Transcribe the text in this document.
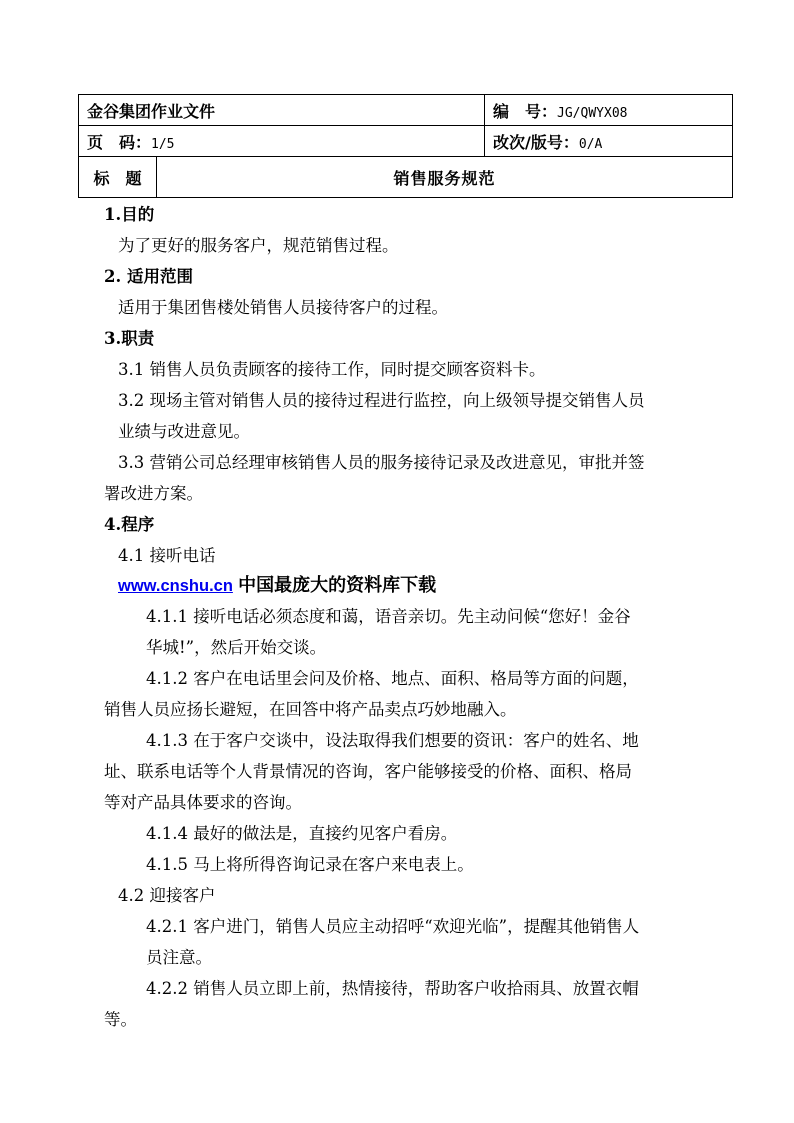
金谷集团作业文件		编　号：JG/QWYX08
页　码：1/5		改次/版号：0/A
标　题	销售服务规范	
1.目的
为了更好的服务客户，规范销售过程。
2. 适用范围
适用于集团售楼处销售人员接待客户的过程。
3.职责
3.1 销售人员负责顾客的接待工作，同时提交顾客资料卡。
3.2 现场主管对销售人员的接待过程进行监控，向上级领导提交销售人员
业绩与改进意见。
3.3 营销公司总经理审核销售人员的服务接待记录及改进意见，审批并签
署改进方案。
4.程序
4.1 接听电话
www.cnshu.cn 中国最庞大的资料库下载
4.1.1 接听电话必须态度和蔼，语音亲切。先主动问候“您好！金谷
华城!”，然后开始交谈。
4.1.2 客户在电话里会问及价格、地点、面积、格局等方面的问题，
销售人员应扬长避短，在回答中将产品卖点巧妙地融入。
4.1.3 在于客户交谈中，设法取得我们想要的资讯：客户的姓名、地
址、联系电话等个人背景情况的咨询，客户能够接受的价格、面积、格局
等对产品具体要求的咨询。
4.1.4 最好的做法是，直接约见客户看房。
4.1.5 马上将所得咨询记录在客户来电表上。
4.2 迎接客户
4.2.1 客户进门，销售人员应主动招呼“欢迎光临”，提醒其他销售人
员注意。
4.2.2 销售人员立即上前，热情接待，帮助客户收拾雨具、放置衣帽
等。
